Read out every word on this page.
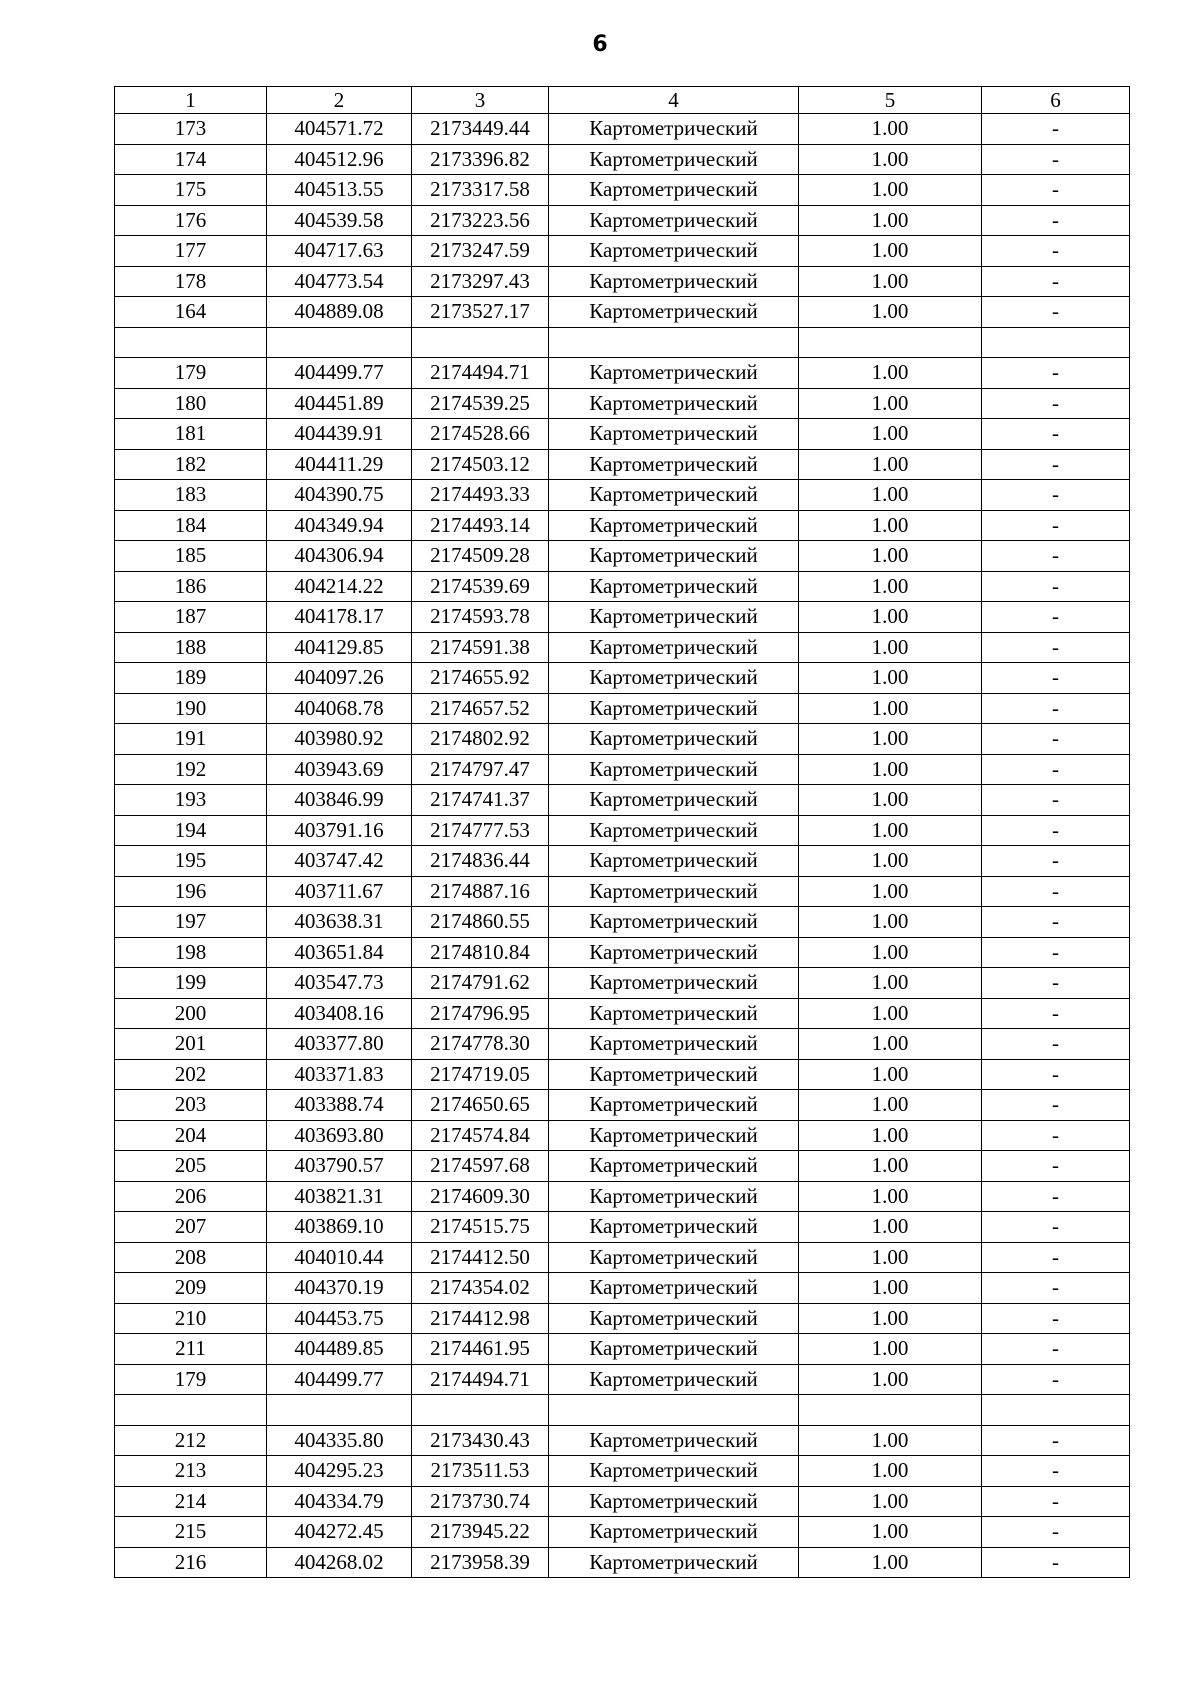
6
1	2	3	4	5	6
173	404571.72	2173449.44	Картометрический	1.00	-
174	404512.96	2173396.82	Картометрический	1.00	-
175	404513.55	2173317.58	Картометрический	1.00	-
176	404539.58	2173223.56	Картометрический	1.00	-
177	404717.63	2173247.59	Картометрический	1.00	-
178	404773.54	2173297.43	Картометрический	1.00	-
164	404889.08	2173527.17	Картометрический	1.00	-

179	404499.77	2174494.71	Картометрический	1.00	-
180	404451.89	2174539.25	Картометрический	1.00	-
181	404439.91	2174528.66	Картометрический	1.00	-
182	404411.29	2174503.12	Картометрический	1.00	-
183	404390.75	2174493.33	Картометрический	1.00	-
184	404349.94	2174493.14	Картометрический	1.00	-
185	404306.94	2174509.28	Картометрический	1.00	-
186	404214.22	2174539.69	Картометрический	1.00	-
187	404178.17	2174593.78	Картометрический	1.00	-
188	404129.85	2174591.38	Картометрический	1.00	-
189	404097.26	2174655.92	Картометрический	1.00	-
190	404068.78	2174657.52	Картометрический	1.00	-
191	403980.92	2174802.92	Картометрический	1.00	-
192	403943.69	2174797.47	Картометрический	1.00	-
193	403846.99	2174741.37	Картометрический	1.00	-
194	403791.16	2174777.53	Картометрический	1.00	-
195	403747.42	2174836.44	Картометрический	1.00	-
196	403711.67	2174887.16	Картометрический	1.00	-
197	403638.31	2174860.55	Картометрический	1.00	-
198	403651.84	2174810.84	Картометрический	1.00	-
199	403547.73	2174791.62	Картометрический	1.00	-
200	403408.16	2174796.95	Картометрический	1.00	-
201	403377.80	2174778.30	Картометрический	1.00	-
202	403371.83	2174719.05	Картометрический	1.00	-
203	403388.74	2174650.65	Картометрический	1.00	-
204	403693.80	2174574.84	Картометрический	1.00	-
205	403790.57	2174597.68	Картометрический	1.00	-
206	403821.31	2174609.30	Картометрический	1.00	-
207	403869.10	2174515.75	Картометрический	1.00	-
208	404010.44	2174412.50	Картометрический	1.00	-
209	404370.19	2174354.02	Картометрический	1.00	-
210	404453.75	2174412.98	Картометрический	1.00	-
211	404489.85	2174461.95	Картометрический	1.00	-
179	404499.77	2174494.71	Картометрический	1.00	-

212	404335.80	2173430.43	Картометрический	1.00	-
213	404295.23	2173511.53	Картометрический	1.00	-
214	404334.79	2173730.74	Картометрический	1.00	-
215	404272.45	2173945.22	Картометрический	1.00	-
216	404268.02	2173958.39	Картометрический	1.00	-
